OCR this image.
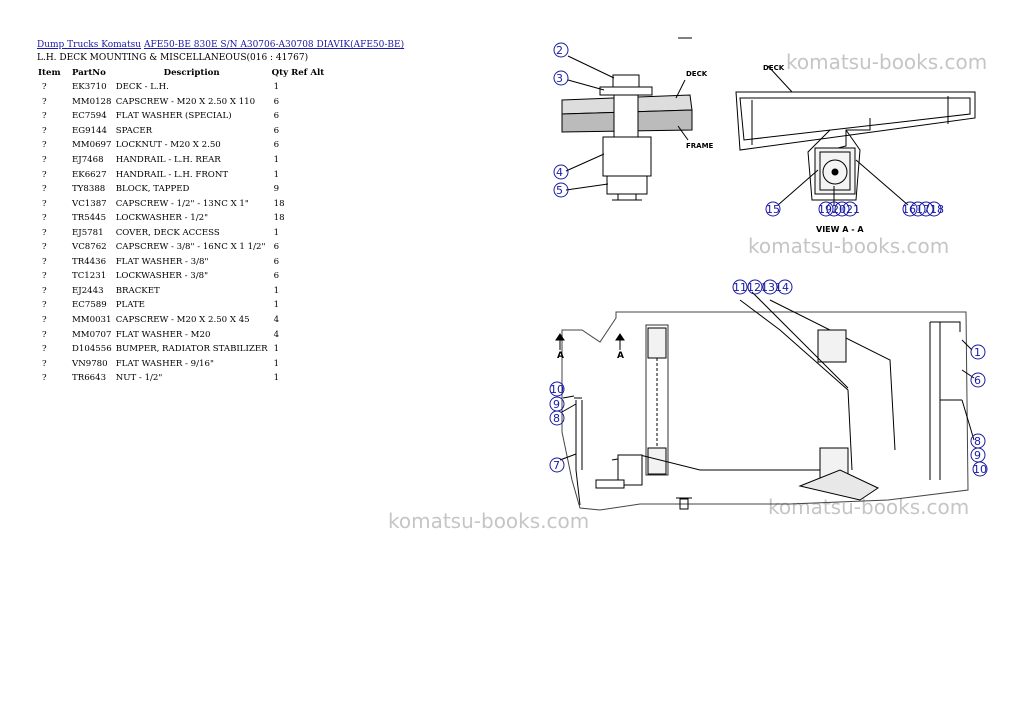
Dump Trucks Komatsu AFE50-BE 830E S/N A30706-A30708 DIAVIK(AFE50-BE)
L.H. DECK MOUNTING & MISCELLANEOUS(016 : 41767)
Item	PartNo	Description	Qty Ref Alt
?	EK3710	DECK - L.H.	1
?	MM0128	CAPSCREW - M20 X 2.50 X 110	6
?	EC7594	FLAT WASHER (SPECIAL)	6
?	EG9144	SPACER	6
?	MM0697	LOCKNUT - M20 X 2.50	6
?	EJ7468	HANDRAIL - L.H. REAR	1
?	EK6627	HANDRAIL - L.H. FRONT	1
?	TY8388	BLOCK, TAPPED	9
?	VC1387	CAPSCREW - 1/2" - 13NC X 1"	18
?	TR5445	LOCKWASHER - 1/2"	18
?	EJ5781	COVER, DECK ACCESS	1
?	VC8762	CAPSCREW - 3/8" - 16NC X 1 1/2"	6
?	TR4436	FLAT WASHER - 3/8"	6
?	TC1231	LOCKWASHER - 3/8"	6
?	EJ2443	BRACKET	1
?	EC7589	PLATE	1
?	MM0031	CAPSCREW - M20 X 2.50 X 45	4
?	MM0707	FLAT WASHER - M20	4
?	D104556	BUMPER, RADIATOR STABILIZER	1
?	VN9780	FLAT WASHER - 9/16"	1
?	TR6643	NUT - 1/2"	1
komatsu-books.com
komatsu-books.com
komatsu-books.com
komatsu-books.com
DECK
FRAME
DECK
VIEW A - A
A	A
2
3
4
5
15	192021	161718
11121314
10
9
8
7
1
6
8
9
10
